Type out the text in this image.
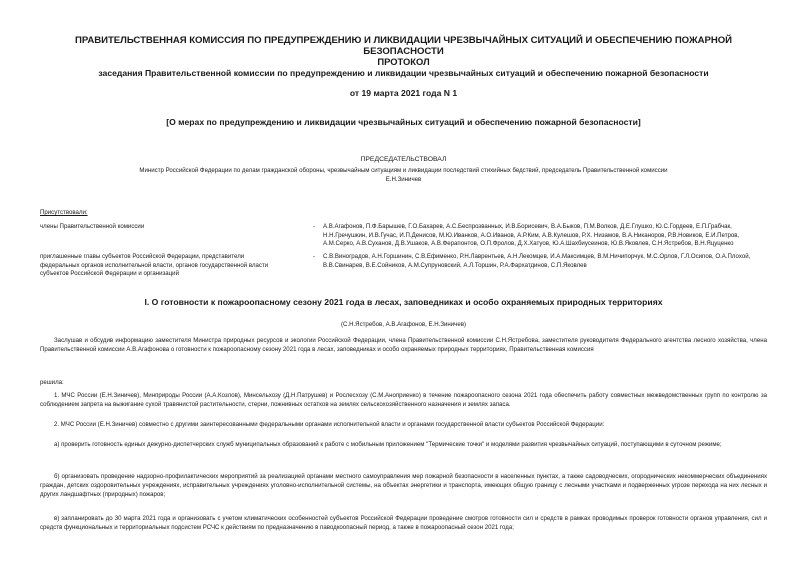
ПРАВИТЕЛЬСТВЕННАЯ КОМИССИЯ ПО ПРЕДУПРЕЖДЕНИЮ И ЛИКВИДАЦИИ ЧРЕЗВЫЧАЙНЫХ СИТУАЦИЙ И ОБЕСПЕЧЕНИЮ ПОЖАРНОЙ БЕЗОПАСНОСТИ
ПРОТОКОЛ
заседания Правительственной комиссии по предупреждению и ликвидации чрезвычайных ситуаций и обеспечению пожарной безопасности
от 19 марта 2021 года N 1
[О мерах по предупреждению и ликвидации чрезвычайных ситуаций и обеспечению пожарной безопасности]
ПРЕДСЕДАТЕЛЬСТВОВАЛ
Министр Российской Федерации по делам гражданской обороны, чрезвычайным ситуациям и ликвидации последствий стихийных бедствий, председатель Правительственной комиссии
Е.Н.Зиничев
Присутствовали:
члены Правительственной комиссии	- А.В.Агафонов, П.Ф.Барышев, Г.О.Бахарев, А.С.Беспрозванных, И.В.Борисевич, В.А.Быков, П.М.Волков, Д.Е.Глушко, Ю.С.Гордеев, Е.П.Грабчак, Н.Н.Гречушкин, И.В.Гучас, И.П.Денисов, М.Ю.Иванков, А.О.Иванов, А.Р.Ким, А.В.Кулешов, Р.Х. Низамов, В.А.Никаноров, Р.В.Новиков, Е.И.Петров, А.М.Серко, А.В.Суханов, Д.В.Ушаков, А.В.Ферапонтов, О.П.Фролов, Д.Х.Хатуов, Ю.А.Шахбиусеинов, Ю.В.Яковлев, С.Н.Ястребов, В.Н.Яцуценко
приглашенные главы субъектов Российской Федерации, представители федеральных органов исполнительной власти, органов государственной власти субъектов Российской Федерации и организаций
- С.В.Виноградов, А.Н.Горшинин, С.В.Ефименко, Р.Н.Лаврентьев, А.Н.Лекомцев, И.А.Максимцев, В.М.Ничипорчук, М.С.Орлов, Г.Л.Осипов, О.А.Плохой, В.В.Свинарев, В.Е.Сойников, А.М.Супруновский, А.Л.Торшин, Р.А.Фархатдинов, С.П.Яковлев
I. О готовности к пожароопасному сезону 2021 года в лесах, заповедниках и особо охраняемых природных территориях
(С.Н.Ястребов, А.В.Агафонов, Е.Н.Зиничев)
Заслушав и обсудив информацию заместителя Министра природных ресурсов и экологии Российской Федерации, члена Правительственной комиссии С.Н.Ястребова, заместителя руководителя Федерального агентства лесного хозяйства, члена Правительственной комиссии А.В.Агафонова о готовности к пожароопасному сезону 2021 года в лесах, заповедниках и особо охраняемых природных территориях, Правительственная комиссия
решила:
1. МЧС России (Е.Н.Зиничев), Минприроды России (А.А.Козлов), Минсельхозу (Д.Н.Патрушев) и Рослесхозу (С.М.Аноприенко) в течение пожароопасного сезона 2021 года обеспечить работу совместных межведомственных групп по контролю за соблюдением запрета на выжигание сухой травянистой растительности, стерни, пожнивных остатков на землях сельскохозяйственного назначения и землях запаса.
2. МЧС России (Е.Н.Зиничев) совместно с другими заинтересованными федеральными органами исполнительной власти и органами государственной власти субъектов Российской Федерации:
а) проверить готовность единых дежурно-диспетчерских служб муниципальных образований к работе с мобильным приложением "Термические точки" и моделями развития чрезвычайных ситуаций, поступающими в суточном режиме;
б) организовать проведение надзорно-профилактических мероприятий за реализацией органами местного самоуправления мер пожарной безопасности в населенных пунктах, а также садоводческих, огороднических некоммерческих объединениях граждан, детских оздоровительных учреждениях, исправительных учреждениях уголовно-исполнительной системы, на объектах энергетики и транспорта, имеющих общую границу с лесными участками и подверженных угрозе перехода на них лесных и других ландшафтных (природных) пожаров;
в) запланировать до 30 марта 2021 года и организовать с учетом климатических особенностей субъектов Российской Федерации проведение смотров готовности сил и средств в рамках проводимых проверок готовности органов управления, сил и средств функциональных и территориальных подсистем РСЧС к действиям по предназначению в паводкоопасный период, а также в пожароопасный сезон 2021 года;
